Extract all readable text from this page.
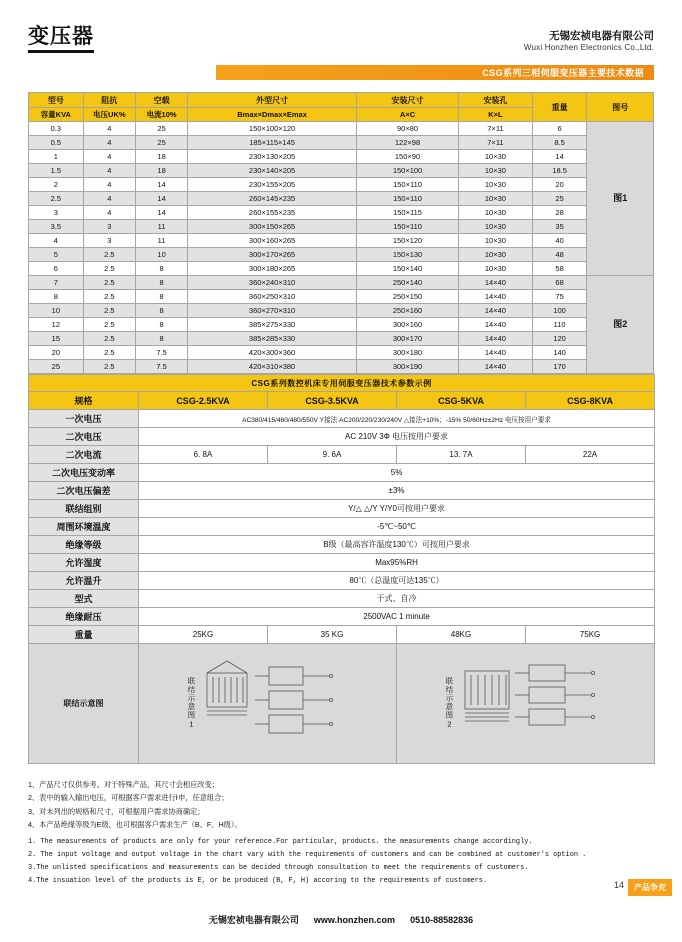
变压器	无锡宏祯电器有限公司
Wuxi Honzhen Electronics Co.,Ltd.
CSG系列三相伺服变压器主要技术数据
型号	阻抗	空载	外型尺寸	安装尺寸	安装孔	重量	图号
容量KVA	电压UK%	电流10%	Bmax×Dmax×Emax	A×C	K×L		
0.3	4	25	150×100×120	90×80	7×11	6	图1
0.5	4	25	185×115×145	122×98	7×11	8.5	
1	4	18	230×130×205	150×90	10×30	14	
1.5	4	18	230×140×205	150×100	10×30	18.5	
2	4	14	230×155×205	150×110	10×30	20	
2.5	4	14	260×145×235	150×110	10×30	25	
3	4	14	260×155×235	150×115	10×30	28	
3.5	3	11	300×150×265	150×110	10×30	35	
4	3	11	300×160×265	150×120	10×30	40	
5	2.5	10	300×170×265	150×130	10×30	48	
6	2.5	8	300×180×265	150×140	10×30	58	
7	2.5	8	360×240×310	250×140	14×40	68	图2
8	2.5	8	360×250×310	250×150	14×40	75	
10	2.5	8	360×270×310	250×160	14×40	100	
12	2.5	8	385×275×330	300×160	14×40	110	
15	2.5	8	385×285×330	300×170	14×40	120	
20	2.5	7.5	420×300×360	300×180	14×40	140	
25	2.5	7.5	420×310×380	300×190	14×40	170	
CSG系列数控机床专用伺服变压器技术参数示例				
规格	CSG-2.5KVA	CSG-3.5KVA	CSG-5KVA	CSG-8KVA
一次电压	AC380/415/460/480/550V Y接法 AC200/220/230/240V △接法+10%；-15% 50/60Hz±2Hz 电压按用户要求			
二次电压	AC 210V 3Ф 电压按用户要求			
二次电流	6. 8A	9. 6A	13. 7A	22A
二次电压变动率	5%			
二次电压偏差	±3%			
联结组别	Y/△ △/Y Y/Y0可按用户要求			
周围环境温度	-5℃~50℃			
绝缘等级	B级（最高容许温度130℃）可按用户要求			
允许湿度	Max95%RH			
允许温升	80℃（总温度可达135℃）			
型式	干式、自冷			
绝缘耐压	2500VAC 1 minute			
重量	25KG	35 KG	48KG	75KG
联结示意图	联结示意图1		联结示意图2	
1、产品尺寸仅供参考。对于特殊产品，其尺寸会相应改变；
2、表中的输入输出电压，可根据客户需求进行ŀ申，任意组合；
3、对未列出的规格和尺寸，可根据用户需求协商确定；
4、本产品绝缘等级为E级，也可根据客户需求生产（B、F、H级）。
1. The measurements of products are only for your reference.For particular, products. the measurements change accordingly.
2. The input voltage and output voltage in the chart vary with the requirements of customers and can be combined at customer's option .
3.The unlisted specifications and measurements can be decided through consultation to meet the requirements of customers.
4.The insuation level of the products is E, or be produced (B, F, H) accoring to the requirements of customers.	14	产品争充
无锡宏祯电器有限公司 www.honzhen.com 0510-88582836
